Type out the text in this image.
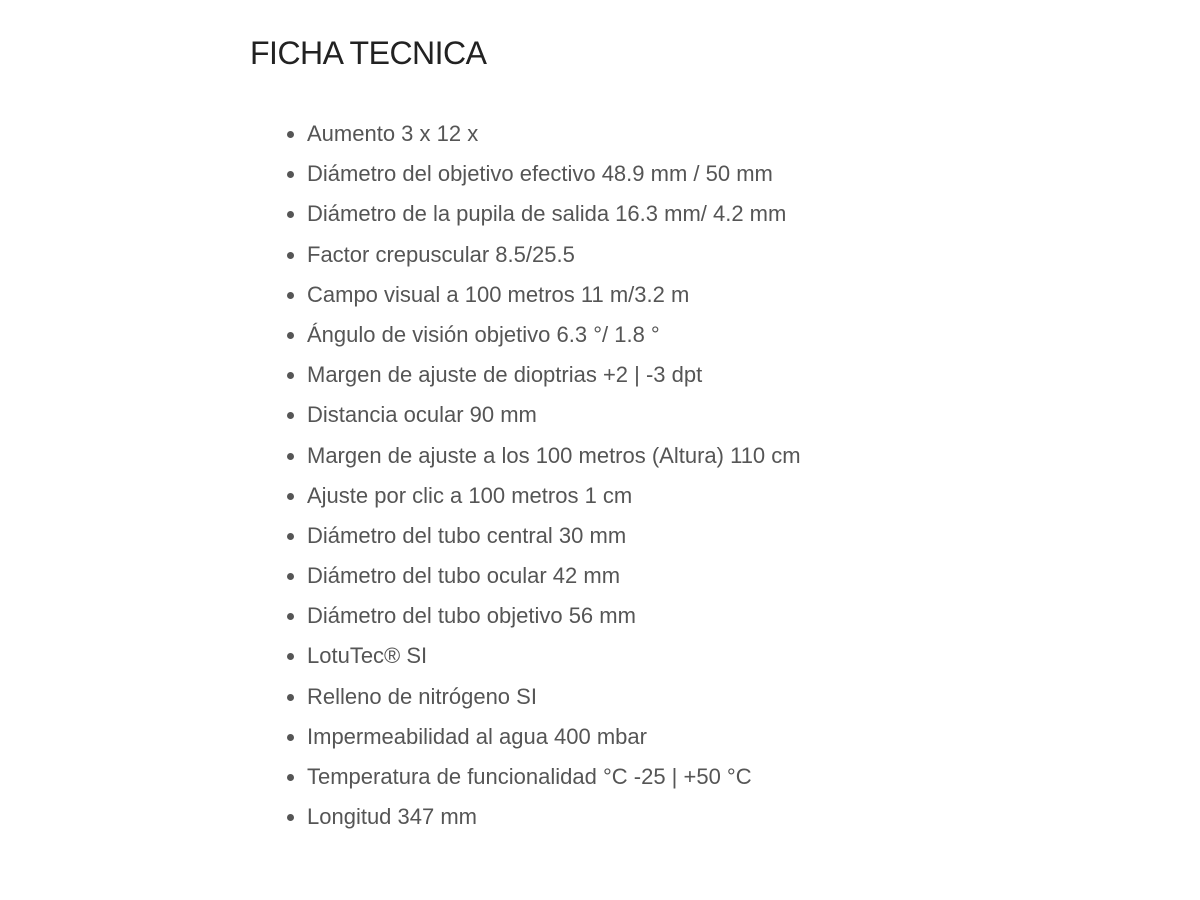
FICHA TECNICA
Aumento 3 x 12 x
Diámetro del objetivo efectivo 48.9 mm / 50 mm
Diámetro de la pupila de salida 16.3 mm/ 4.2 mm
Factor crepuscular 8.5/25.5
Campo visual a 100 metros 11 m/3.2 m
Ángulo de visión objetivo 6.3 °/ 1.8 °
Margen de ajuste de dioptrias +2 | -3 dpt
Distancia ocular 90 mm
Margen de ajuste a los 100 metros (Altura) 110 cm
Ajuste por clic a 100 metros 1 cm
Diámetro del tubo central 30 mm
Diámetro del tubo ocular 42 mm
Diámetro del tubo objetivo 56 mm
LotuTec® SI
Relleno de nitrógeno SI
Impermeabilidad al agua 400 mbar
Temperatura de funcionalidad °C -25 | +50 °C
Longitud 347 mm
